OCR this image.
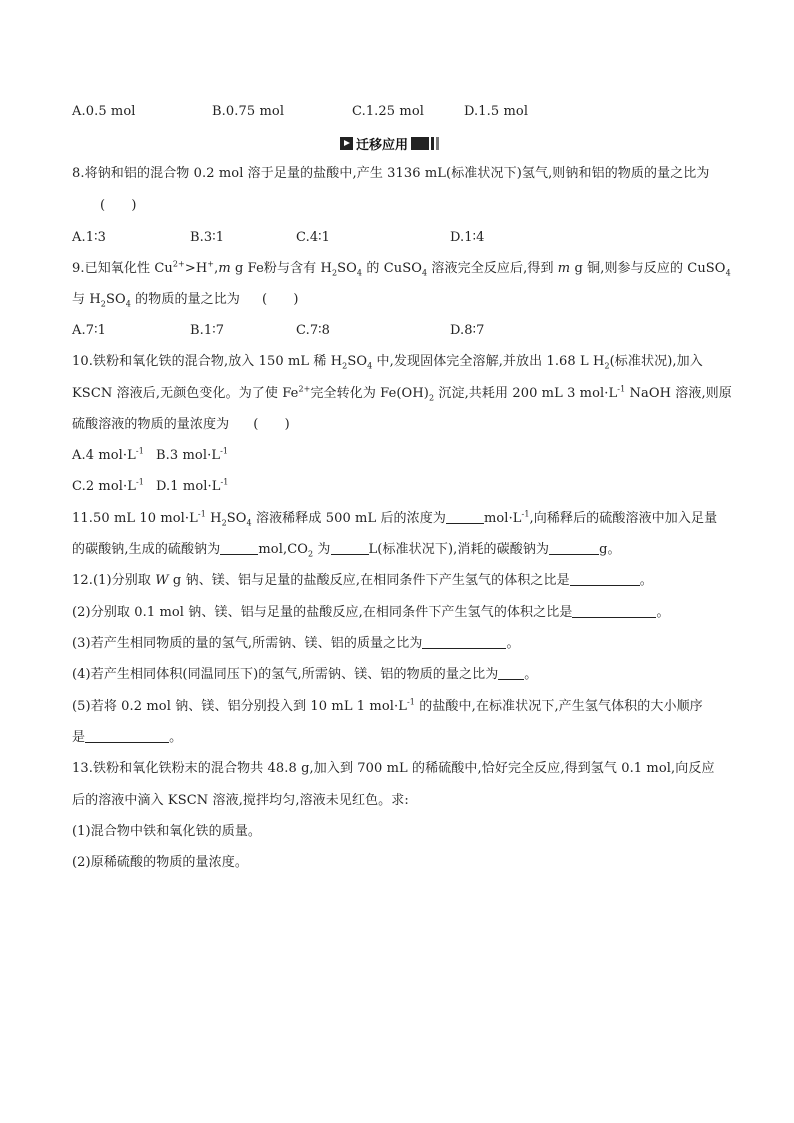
A.0.5 mol	B.0.75 mol	C.1.25 mol	D.1.5 mol
迁移应用
8.将钠和铝的混合物 0.2 mol 溶于足量的盐酸中,产生 3136 mL(标准状况下)氢气,则钠和铝的物质的量之比为
(　　)
A.1∶3	B.3∶1	C.4∶1	D.1∶4
9.已知氧化性 $Cu^{2+}>H^+,m$ g Fe粉与含有 $H_2SO_4$ 的 CuSO$_4$ 溶液完全反应后,得到 m g 铜,则参与反应的 CuSO$_4$
与 $H_2SO_4$ 的物质的量之比为 (　　)
A.7∶1	B.1∶7	C.7∶8	D.8∶7
10.铁粉和氧化铁的混合物,放入 150 mL 稀 $H_2SO_4$ 中,发现固体完全溶解,并放出 1.68 L $H_2$(标准状况),加入
KSCN 溶液后,无颜色变化。为了使 $Fe^{2+}$完全转化为 $Fe(OH)_2$ 沉淀,共耗用 200 mL 3 $mol\cdot L^{-1}$ NaOH 溶液,则原
硫酸溶液的物质的量浓度为 (　　)
A.4 $mol\cdot L^{-1}$ B.3 $mol\cdot L^{-1}$
C.2 $mol\cdot L^{-1}$ D.1 $mol\cdot L^{-1}$
11.50 mL 10 $mol\cdot L^{-1}$ $H_2SO_4$ 溶液稀释成 500 mL 后的浓度为	$mol\cdot L^{-1}$,向稀释后的硫酸溶液中加入足量
的碳酸钠,生成的硫酸钠为	$mol,CO_2$ 为	L(标准状况下),消耗的碳酸钠为	g。
12.(1)分别取 W g 钠、镁、铝与足量的盐酸反应,在相同条件下产生氢气的体积之比是	。
(2)分别取 0.1 mol 钠、镁、铝与足量的盐酸反应,在相同条件下产生氢气的体积之比是	。
(3)若产生相同物质的量的氢气,所需钠、镁、铝的质量之比为	。
(4)若产生相同体积(同温同压下)的氢气,所需钠、镁、铝的物质的量之比为 。
(5)若将 0.2 mol 钠、镁、铝分别投入到 10 mL 1 $mol\cdot L^{-1}$ 的盐酸中,在标准状况下,产生氢气体积的大小顺序
是	。
13.铁粉和氧化铁粉末的混合物共 48.8 g,加入到 700 mL 的稀硫酸中,恰好完全反应,得到氢气 0.1 mol,向反应
后的溶液中滴入 KSCN 溶液,搅拌均匀,溶液未见红色。求:
(1)混合物中铁和氧化铁的质量。
(2)原稀硫酸的物质的量浓度。
